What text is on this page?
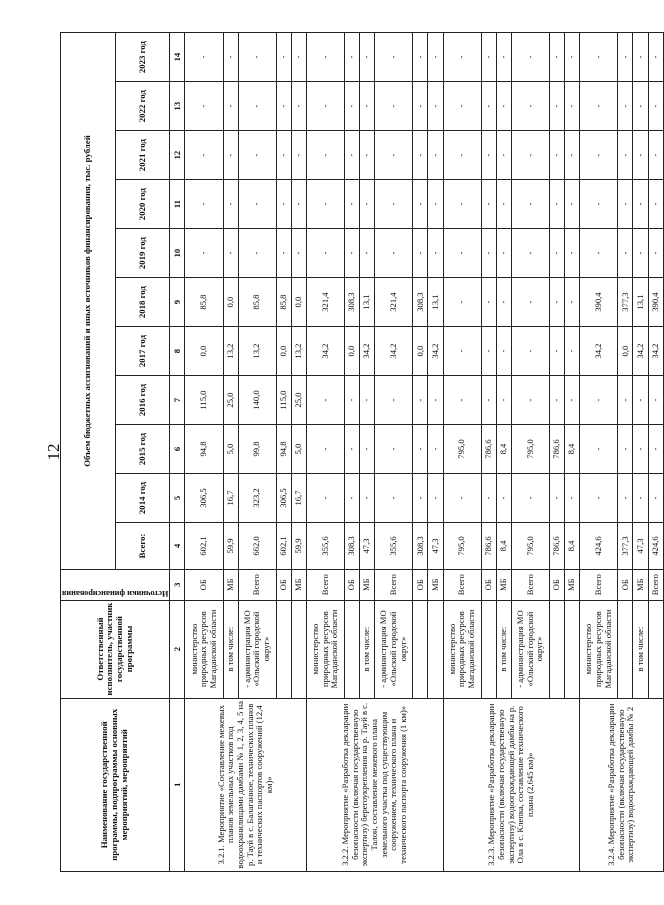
12
Наименование государственной программы, подпрограммы основных мероприятий, мероприятий	Ответственный исполнитель, участник государственной программы	Источники финансирования	Объем бюджетных ассигнований и иных источников финансирования, тыс. рублей										
			Всего:	2014 год	2015 год	2016 год	2017 год	2018 год	2019 год	2020 год	2021 год	2022 год	2023 год
1	2	3	4	5	6	7	8	9	10	11	12	13	14
3.2.1. Мероприятие «Составление межевых планов земельных участков под водоохранилищами дамбами № 1, 2, 3, 4, 5 на р. Тауй в с. Балаганное, технических планов и технических паспортов сооружений (12,4 км)»	министерство природных ресурсов Магаданской области	ОБ	602,1	306,5	94,8	115,0	0,0	85,8	-	-	-	-	-
	в том числе:	МБ	59,9	16,7	5,0	25,0	13,2	0,0	-	-	-	-	-
	- администрация МО «Ольский городской округ»	Всего	662,0	323,2	99,8	140,0	13,2	85,8	-	-	-	-	-
		ОБ	602,1	306,5	94,8	115,0	0,0	85,8	-	-	-	-	-
		МБ	59,9	16,7	5,0	25,0	13,2	0,0	-	-	-	-	-
3.2.2. Мероприятие «Разработка декларации безопасности (включая государственную экспертизу) берегоукрепления на р. Тауй в с. Талон, составление межевого плана земельного участка под существующим сооружением, технического плана и технического паспорта сооружения (1 км)»	министерство природных ресурсов Магаданской области	Всего	355,6	-	-	-	34,2	321,4	-	-	-	-	-
		ОБ	308,3	-	-	-	0,0	308,3	-	-	-	-	-
	в том числе:	МБ	47,3	-	-	-	34,2	13,1	-	-	-	-	-
	- администрация МО «Ольский городской округ»	Всего	355,6	-	-	-	34,2	321,4	-	-	-	-	-
		ОБ	308,3	-	-	-	0,0	308,3	-	-	-	-	-
		МБ	47,3	-	-	-	34,2	13,1	-	-	-	-	-
3.2.3. Мероприятие «Разработка декларации безопасности (включая государственную экспертизу) водоограждающей дамбы на р. Ола в с. Клепка, составление технического плана (2,645 км)»	министерство природных ресурсов Магаданской области	Всего	795,0	-	795,0	-	-	-	-	-	-	-	-
		ОБ	786,6	-	786,6	-	-	-	-	-	-	-	-
	в том числе:	МБ	8,4	-	8,4	-	-	-	-	-	-	-	-
	- администрация МО «Ольский городской округ»	Всего	795,0	-	795,0	-	-	-	-	-	-	-	-
		ОБ	786,6	-	786,6	-	-	-	-	-	-	-	-
		МБ	8,4	-	8,4	-	-	-	-	-	-	-	-
3.2.4. Мероприятие «Разработка декларации безопасности (включая государственную экспертизу) водоограждающей дамбы № 2	министерство природных ресурсов Магаданской области	Всего	424,6	-	-	-	34,2	390,4	-	-	-	-	-
		ОБ	377,3	-	-	-	0,0	377,3	-	-	-	-	-
	в том числе:	МБ	47,3	-	-	-	34,2	13,1	-	-	-	-	-
		Всего	424,6	-	-	-	34,2	390,4	-	-	-	-	-
